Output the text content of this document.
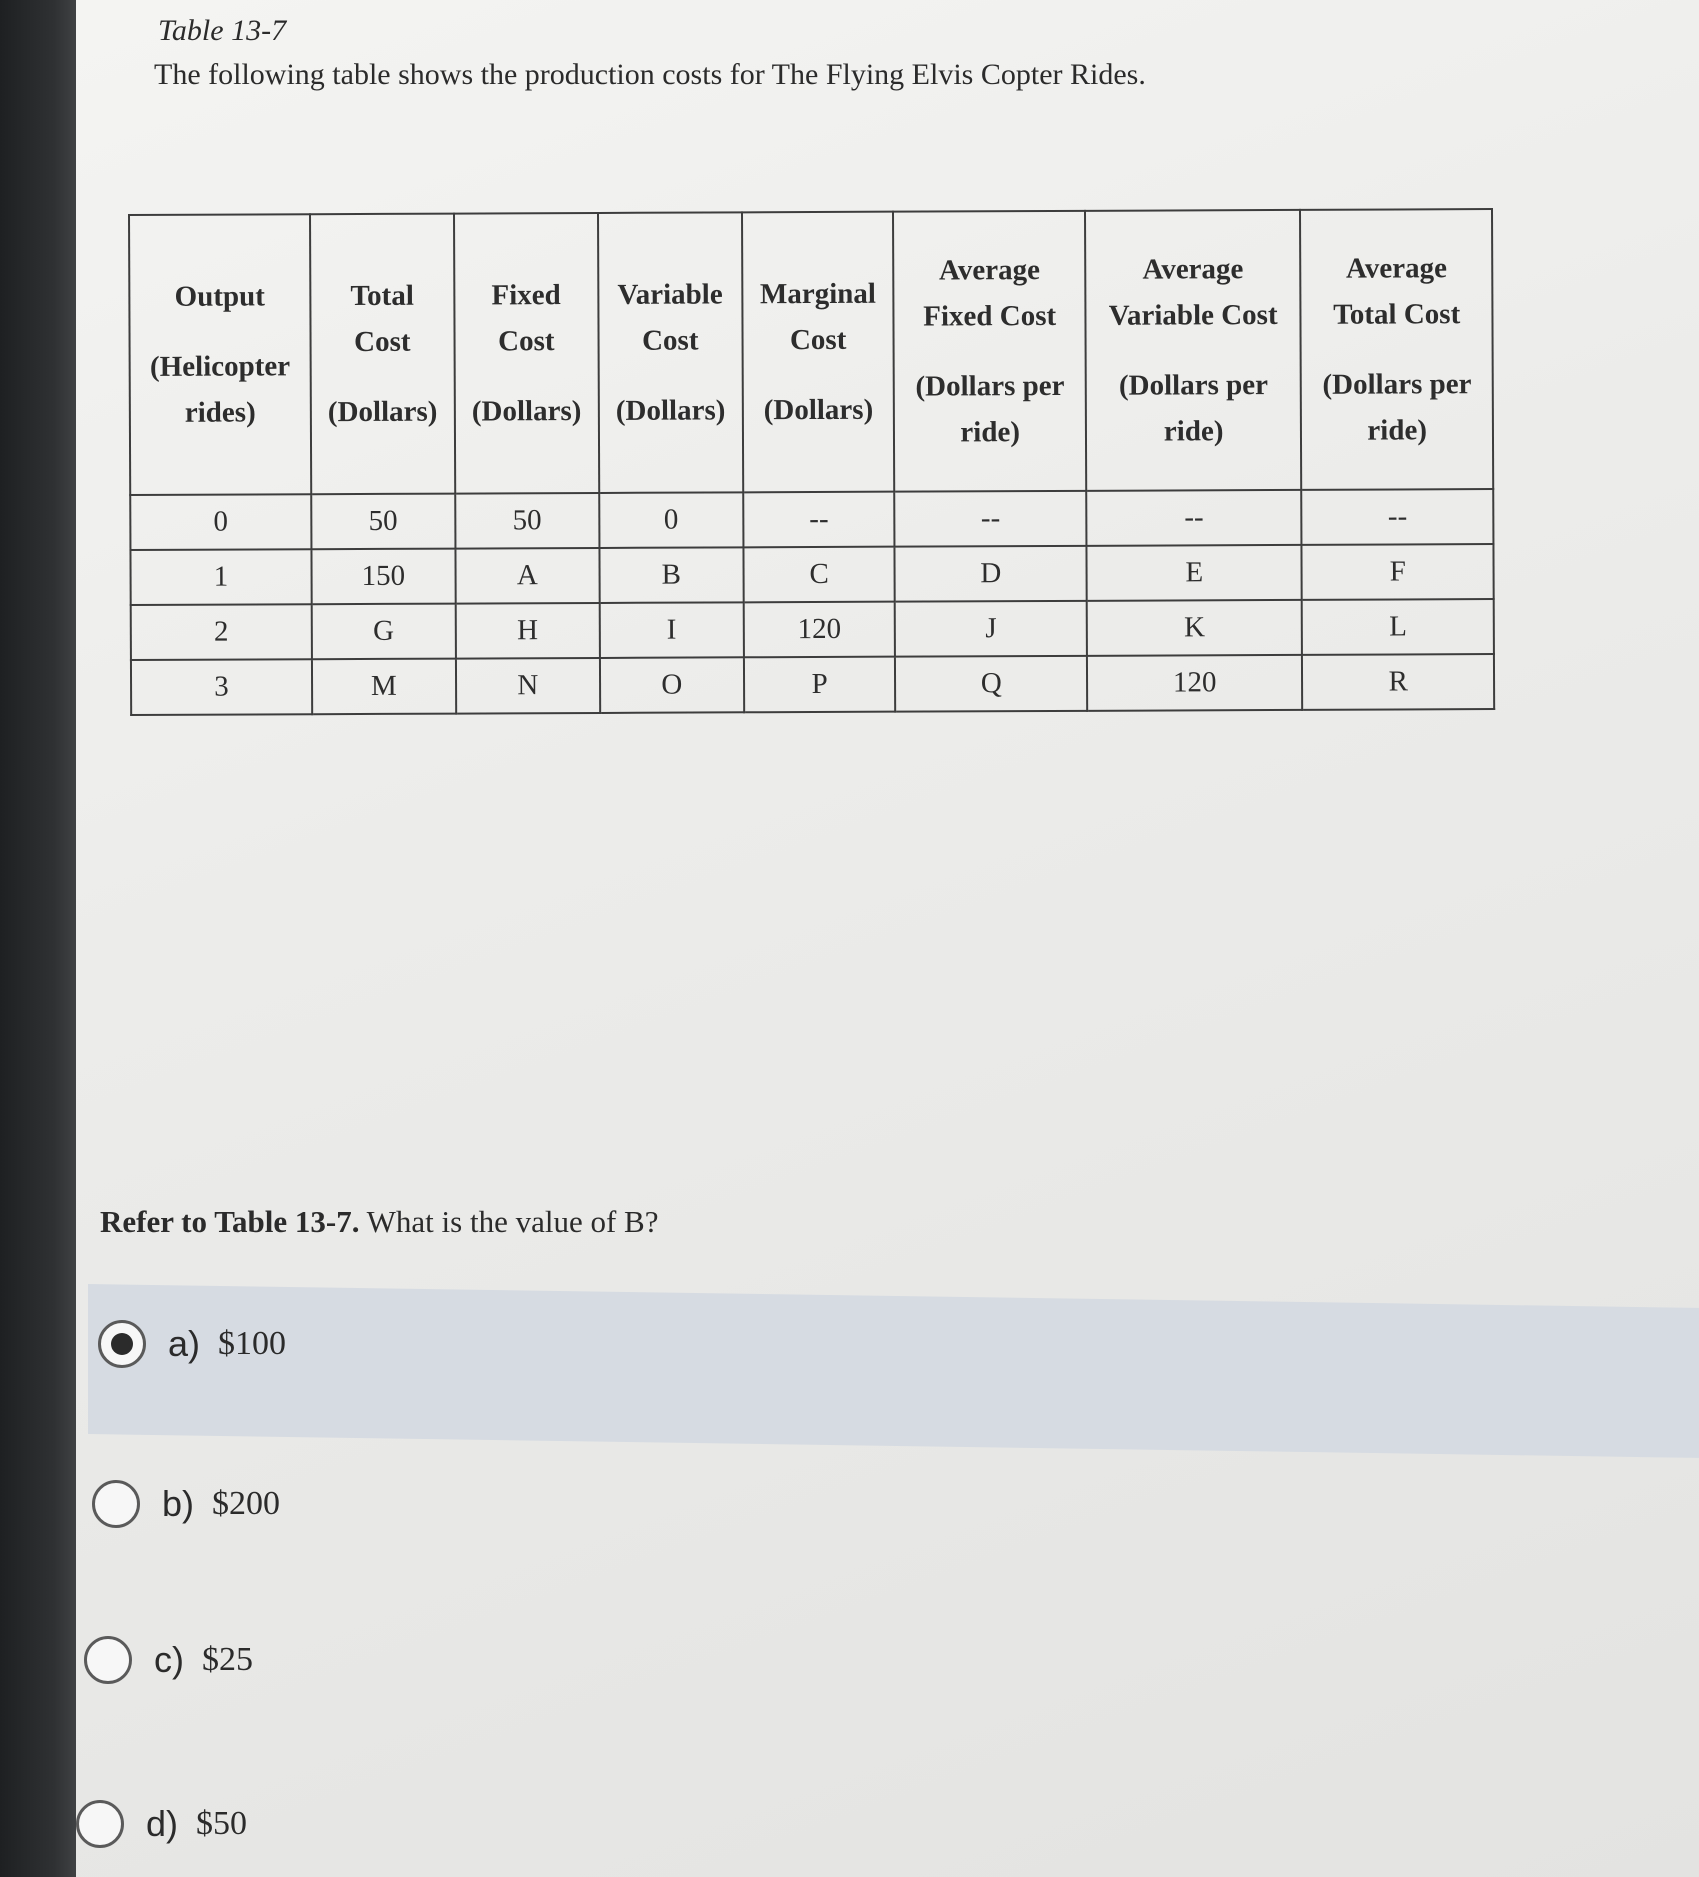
Table 13-7
The following table shows the production costs for The Flying Elvis Copter Rides.
Output
(Helicopter
rides)	Total
Cost
(Dollars)	Fixed
Cost
(Dollars)	Variable
Cost
(Dollars)	Marginal
Cost
(Dollars)	Average
Fixed Cost
(Dollars per
ride)	Average
Variable Cost
(Dollars per
ride)	Average
Total Cost
(Dollars per
ride)

0	50	50	0	--	--	--	--
1	150	A	B	C	D	E	F
2	G	H	I	120	J	K	L
3	M	N	O	P	Q	120	R
Refer to Table 13-7. What is the value of B?
a) $100
b) $200
c) $25
d) $50
